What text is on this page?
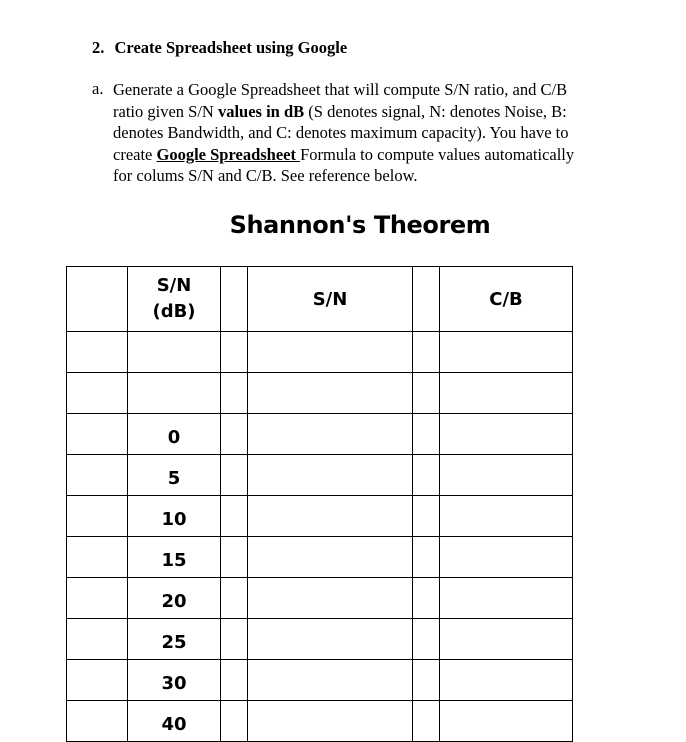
2. Create Spreadsheet using Google
a. Generate a Google Spreadsheet that will compute S/N ratio, and C/B
ratio given S/N values in dB (S denotes signal, N: denotes Noise, B:
denotes Bandwidth, and C: denotes maximum capacity). You have to
create Google Spreadsheet Formula to compute values automatically
for colums S/N and C/B. See reference below.
Shannon's Theorem

	S/N
(dB)		S/N		C/B

	0				
	5				
	10				
	15				
	20				
	25				
	30				
	40				
